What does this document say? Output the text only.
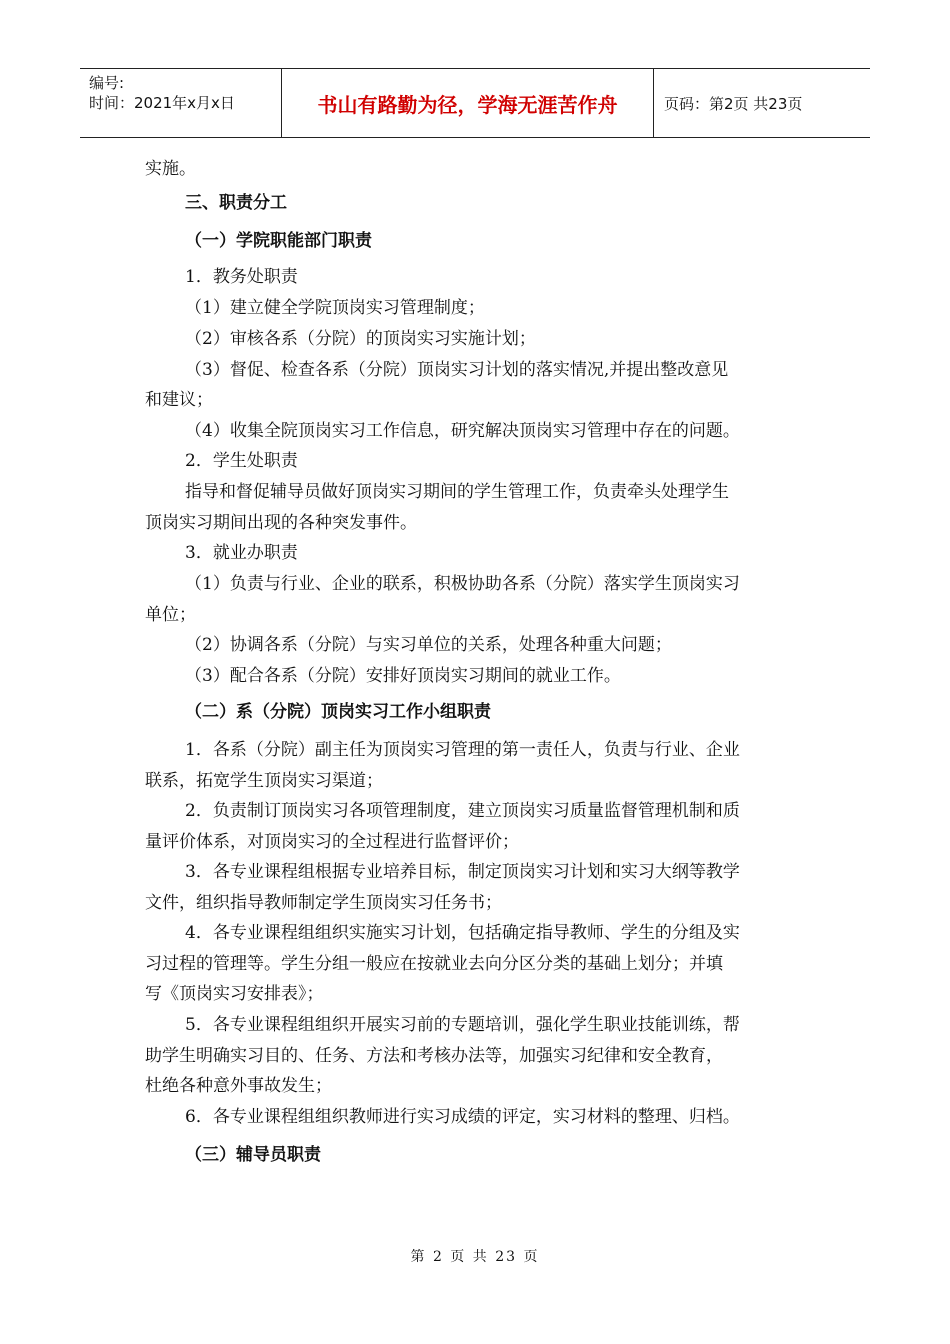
编号:
时间：2021年x月x日	书山有路勤为径，学海无涯苦作舟	页码：第2页 共23页

实施。

三、职责分工

（一）学院职能部门职责

1．教务处职责

（1）建立健全学院顶岗实习管理制度；

（2）审核各系（分院）的顶岗实习实施计划；

（3）督促、检查各系（分院）顶岗实习计划的落实情况,并提出整改意见

和建议；

（4）收集全院顶岗实习工作信息，研究解决顶岗实习管理中存在的问题。

2．学生处职责

指导和督促辅导员做好顶岗实习期间的学生管理工作，负责牵头处理学生

顶岗实习期间出现的各种突发事件。

3．就业办职责

（1）负责与行业、企业的联系，积极协助各系（分院）落实学生顶岗实习

单位；

（2）协调各系（分院）与实习单位的关系，处理各种重大问题；

（3）配合各系（分院）安排好顶岗实习期间的就业工作。

（二）系（分院）顶岗实习工作小组职责

1．各系（分院）副主任为顶岗实习管理的第一责任人，负责与行业、企业

联系，拓宽学生顶岗实习渠道；

2．负责制订顶岗实习各项管理制度，建立顶岗实习质量监督管理机制和质

量评价体系，对顶岗实习的全过程进行监督评价；

3．各专业课程组根据专业培养目标，制定顶岗实习计划和实习大纲等教学

文件，组织指导教师制定学生顶岗实习任务书；

4．各专业课程组组织实施实习计划，包括确定指导教师、学生的分组及实

习过程的管理等。学生分组一般应在按就业去向分区分类的基础上划分；并填

写《顶岗实习安排表》；

5．各专业课程组组织开展实习前的专题培训，强化学生职业技能训练，帮

助学生明确实习目的、任务、方法和考核办法等，加强实习纪律和安全教育，

杜绝各种意外事故发生；

6．各专业课程组组织教师进行实习成绩的评定，实习材料的整理、归档。

（三）辅导员职责

第 2 页 共 23 页
